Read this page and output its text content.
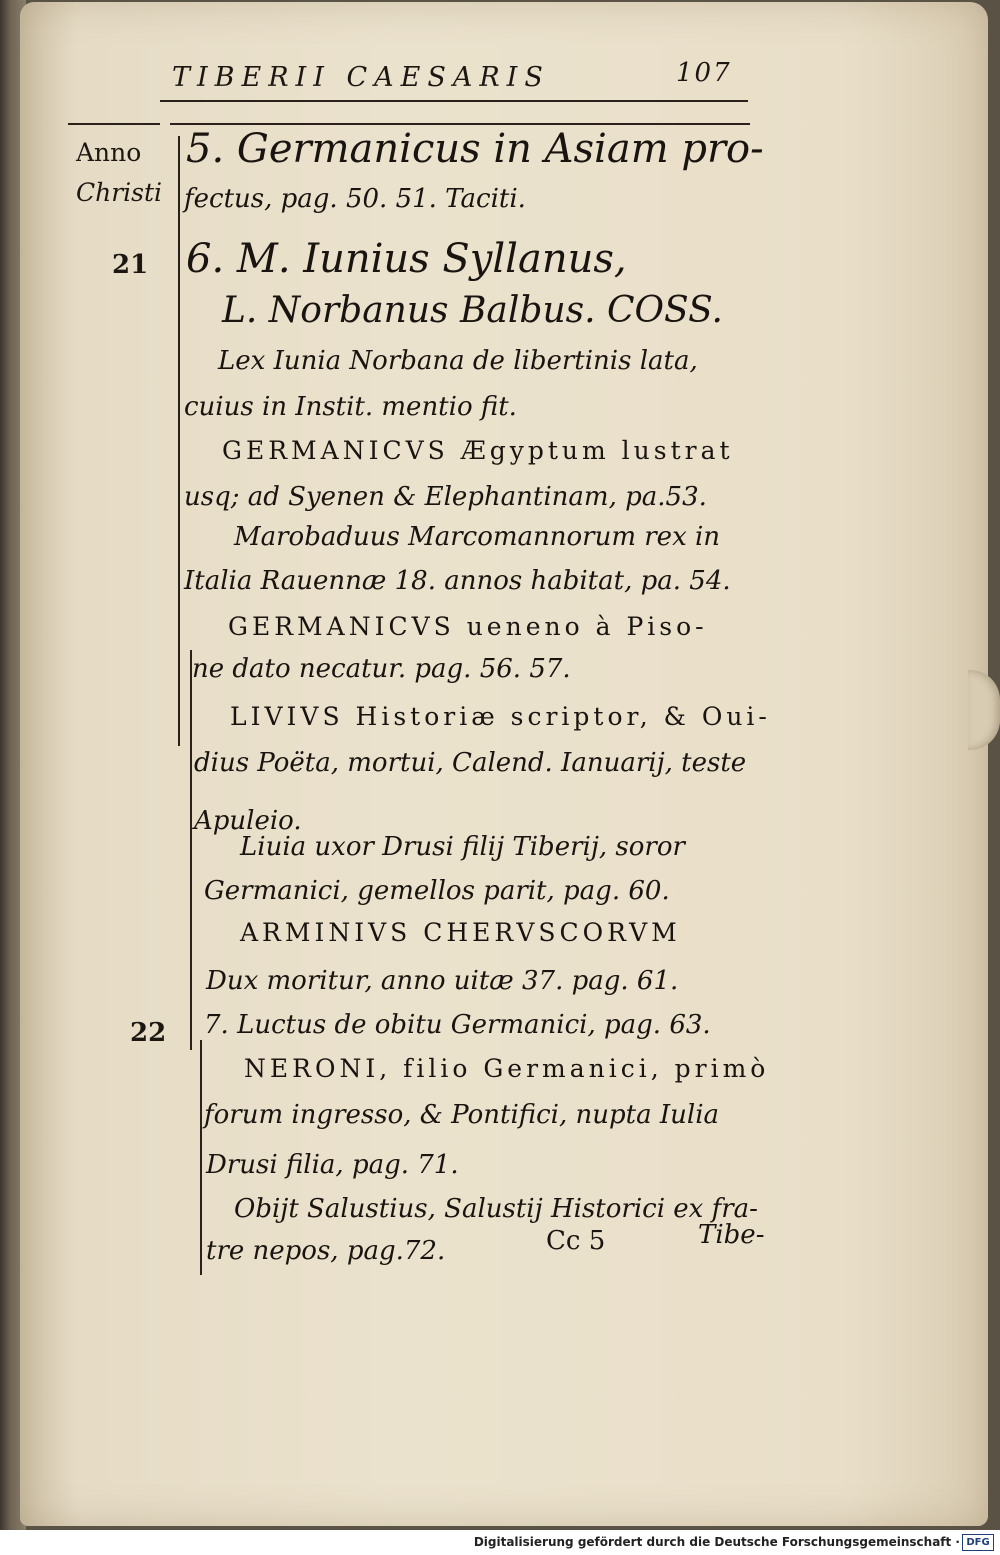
TIBERII CAESARIS	107
Anno
Christi
21
22
5. Germanicus in Asiam pro-
fectus, pag. 50. 51. Taciti.
6. M. Iunius Syllanus,
L. Norbanus Balbus. COSS.
Lex Iunia Norbana de libertinis lata,
cuius in Instit. mentio fit.
GERMANICVS Ægyptum lustrat
usq; ad Syenen & Elephantinam, pa.53.
Marobaduus Marcomannorum rex in
Italia Rauennæ 18. annos habitat, pa. 54.
GERMANICVS ueneno à Piso-
ne dato necatur. pag. 56. 57.
LIVIVS Historiæ scriptor, & Oui-
dius Poëta, mortui, Calend. Ianuarij, teste
Apuleio.
Liuia uxor Drusi filij Tiberij, soror
Germanici, gemellos parit, pag. 60.
ARMINIVS CHERVSCORVM
Dux moritur, anno uitæ 37. pag. 61.
7. Luctus de obitu Germanici, pag. 63.
NERONI, filio Germanici, primò
forum ingresso, & Pontifici, nupta Iulia
Drusi filia, pag. 71.
Obijt Salustius, Salustij Historici ex fra-
tre nepos, pag.72.	Cc 5	Tibe-
Digitalisierung gefördert durch die Deutsche Forschungsgemeinschaft · DFG
